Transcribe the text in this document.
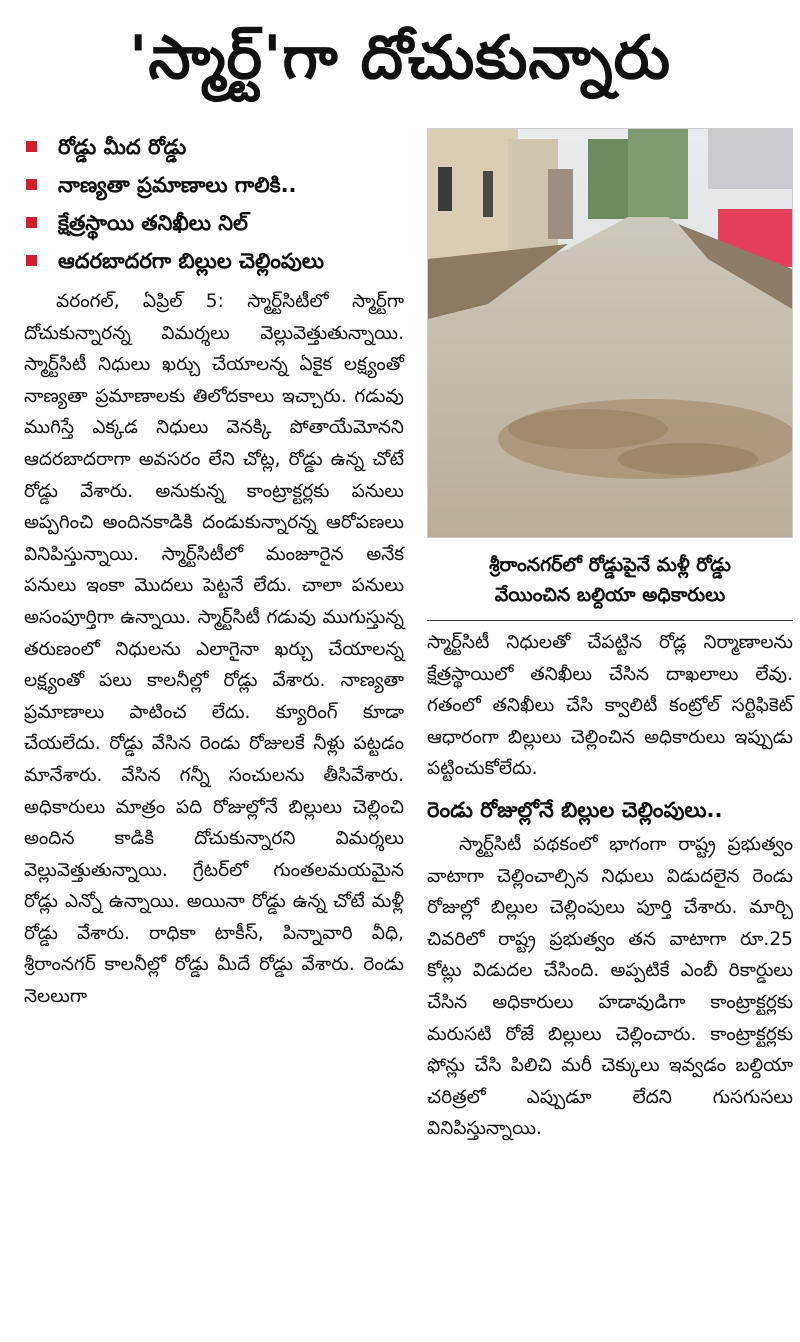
'స్మార్ట్'గా దోచుకున్నారు
రోడ్డు మీద రోడ్డు
నాణ్యతా ప్రమాణాలు గాలికి..
క్షేత్రస్థాయి తనిఖీలు నిల్
ఆదరబాదరగా బిల్లుల చెల్లింపులు

వరంగల్, ఏప్రిల్ 5: స్మార్ట్‌సిటీలో స్మార్ట్‌గా దోచుకున్నారన్న విమర్శలు వెల్లువెత్తుతున్నాయి. స్మార్ట్‌సిటీ నిధులు ఖర్చు చేయాలన్న ఏకైక లక్ష్యంతో నాణ్యతా ప్రమాణాలకు తిలోదకాలు ఇచ్చారు. గడువు ముగిస్తే ఎక్కడ నిధులు వెనక్కి పోతాయేమోనని ఆదరబాదరాగా అవసరం లేని చోట్ల, రోడ్డు ఉన్న చోటే రోడ్డు వేశారు. అనుకున్న కాంట్రాక్టర్లకు పనులు అప్పగించి అందినకాడికి దండుకున్నారన్న ఆరోపణలు వినిపిస్తున్నాయి. స్మార్ట్‌సిటీలో మంజూరైన అనేక పనులు ఇంకా మొదలు పెట్టనే లేదు. చాలా పనులు అసంపూర్తిగా ఉన్నాయి. స్మార్ట్‌సిటీ గడువు ముగుస్తున్న తరుణంలో నిధులను ఎలాగైనా ఖర్చు చేయాలన్న లక్ష్యంతో పలు కాలనీల్లో రోడ్లు వేశారు. నాణ్యతా ప్రమాణాలు పాటించ లేదు. క్యూరింగ్ కూడా చేయలేదు. రోడ్డు వేసిన రెండు రోజులకే నీళ్లు పట్టడం మానేశారు. వేసిన గన్నీ సంచులను తీసివేశారు. అధికారులు మాత్రం పది రోజుల్లోనే బిల్లులు చెల్లించి అందిన కాడికి దోచుకున్నారని విమర్శలు వెల్లువెత్తుతున్నాయి. గ్రేటర్‌లో గుంతలమయమైన రోడ్లు ఎన్నో ఉన్నాయి. అయినా రోడ్డు ఉన్న చోటే మళ్లీ రోడ్డు వేశారు. రాధికా టాకీస్, పిన్నావారి వీధి, శ్రీరాంనగర్ కాలనీల్లో రోడ్డు మీదే రోడ్డు వేశారు. రెండు నెలలుగా

శ్రీరాంనగర్‌లో రోడ్డుపైనే మళ్లీ రోడ్డు
వేయించిన బల్దియా అధికారులు

స్మార్ట్‌సిటీ నిధులతో చేపట్టిన రోడ్ల నిర్మాణాలను క్షేత్రస్థాయిలో తనిఖీలు చేసిన దాఖలాలు లేవు. గతంలో తనిఖీలు చేసి క్వాలిటీ కంట్రోల్ సర్టిఫికెట్ ఆధారంగా బిల్లులు చెల్లించిన అధికారులు ఇప్పుడు పట్టించుకోలేదు.

రెండు రోజుల్లోనే బిల్లుల చెల్లింపులు..

స్మార్ట్‌సిటీ పథకంలో భాగంగా రాష్ట్ర ప్రభుత్వం వాటాగా చెల్లించాల్సిన నిధులు విడుదలైన రెండు రోజుల్లో బిల్లుల చెల్లింపులు పూర్తి చేశారు. మార్చి చివరిలో రాష్ట్ర ప్రభుత్వం తన వాటాగా రూ.25 కోట్లు విడుదల చేసింది. అప్పటికే ఎంబీ రికార్డులు చేసిన అధికారులు హడావుడిగా కాంట్రాక్టర్లకు మరుసటి రోజే బిల్లులు చెల్లించారు. కాంట్రాక్టర్లకు ఫోన్లు చేసి పిలిచి మరీ చెక్కులు ఇవ్వడం బల్దియా చరిత్రలో ఎప్పుడూ లేదని గుసగుసలు వినిపిస్తున్నాయి.
